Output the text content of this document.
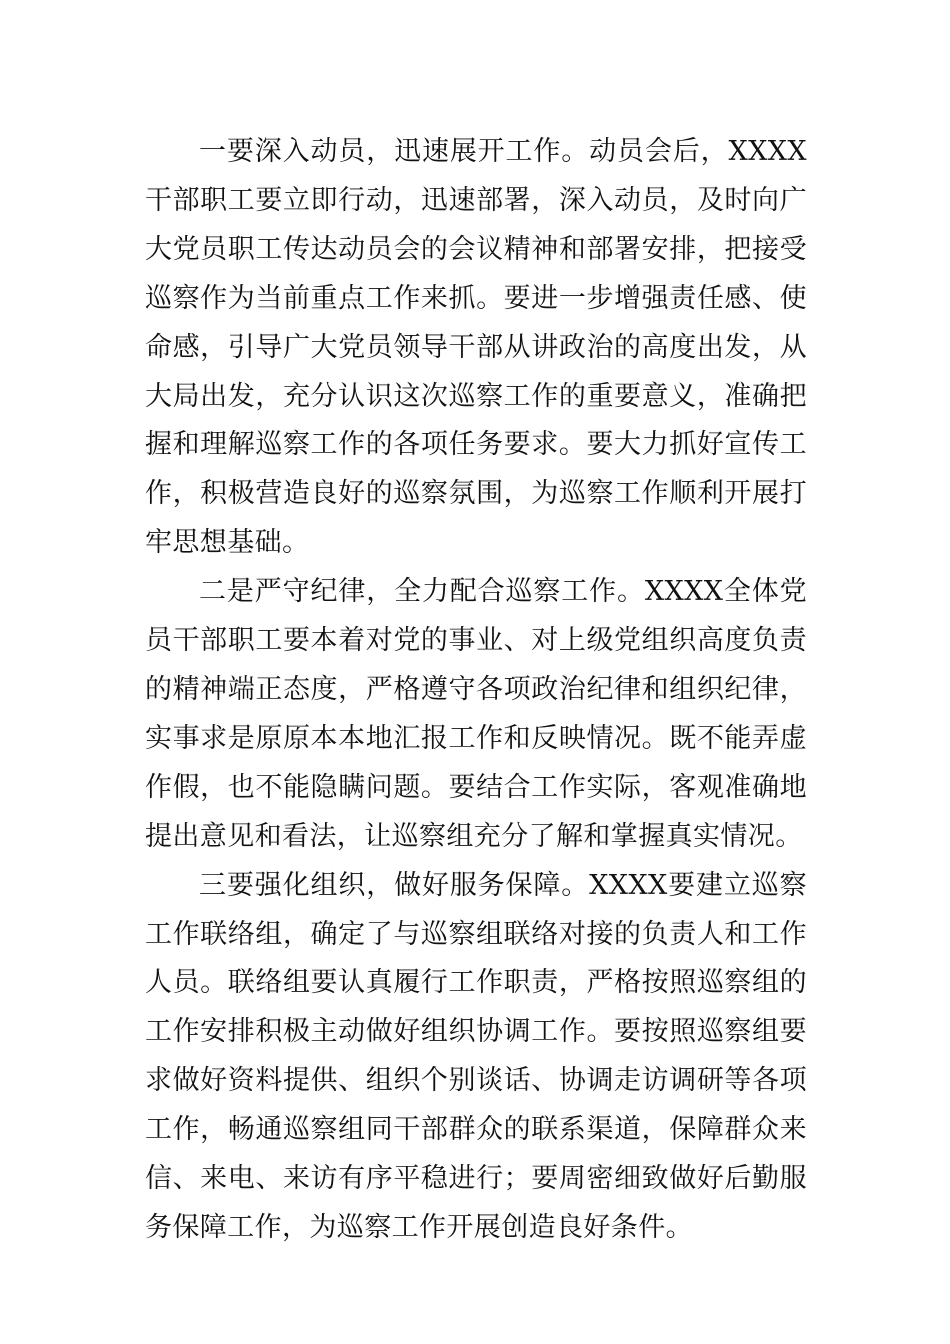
一要深入动员，迅速展开工作。动员会后，XXXX干部职工要立即行动，迅速部署，深入动员，及时向广大党员职工传达动员会的会议精神和部署安排，把接受巡察作为当前重点工作来抓。要进一步增强责任感、使命感，引导广大党员领导干部从讲政治的高度出发，从大局出发，充分认识这次巡察工作的重要意义，准确把握和理解巡察工作的各项任务要求。要大力抓好宣传工作，积极营造良好的巡察氛围，为巡察工作顺利开展打牢思想基础。

二是严守纪律，全力配合巡察工作。XXXX全体党员干部职工要本着对党的事业、对上级党组织高度负责的精神端正态度，严格遵守各项政治纪律和组织纪律，实事求是原原本本地汇报工作和反映情况。既不能弄虚作假，也不能隐瞒问题。要结合工作实际，客观准确地提出意见和看法，让巡察组充分了解和掌握真实情况。

三要强化组织，做好服务保障。XXXX要建立巡察工作联络组，确定了与巡察组联络对接的负责人和工作人员。联络组要认真履行工作职责，严格按照巡察组的工作安排积极主动做好组织协调工作。要按照巡察组要求做好资料提供、组织个别谈话、协调走访调研等各项工作，畅通巡察组同干部群众的联系渠道，保障群众来信、来电、来访有序平稳进行；要周密细致做好后勤服务保障工作，为巡察工作开展创造良好条件。
